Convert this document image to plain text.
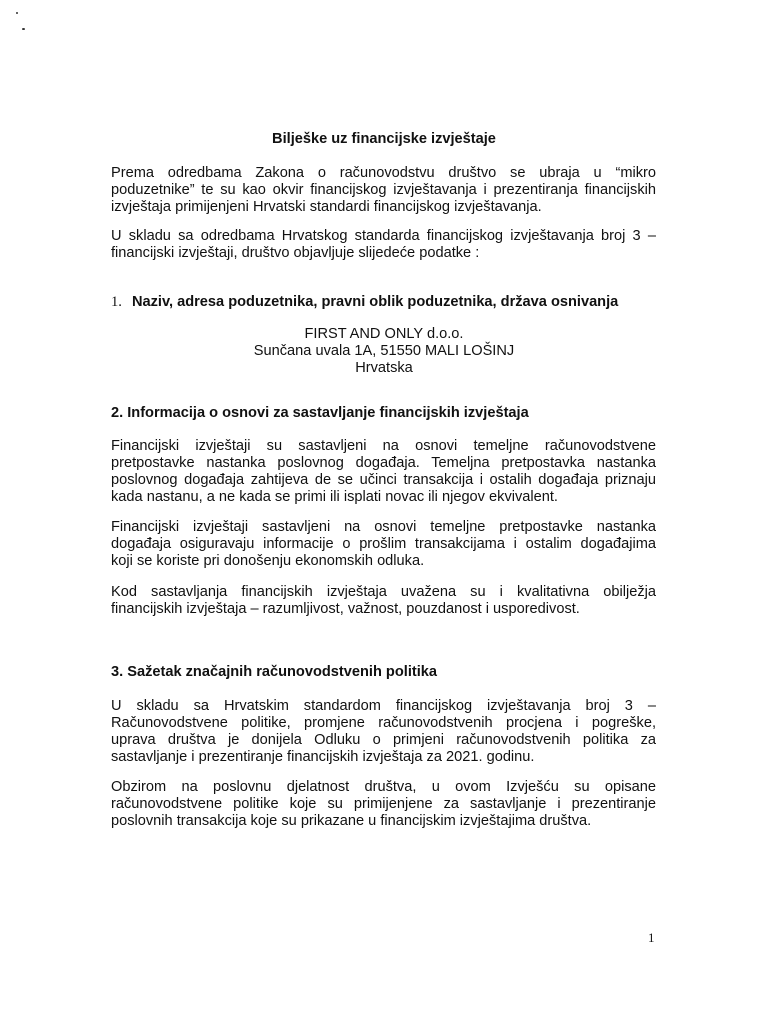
Bilješke uz financijske izvještaje
Prema odredbama Zakona o računovodstvu društvo se ubraja u “mikro
poduzetnike” te su kao okvir financijskog izvještavanja i prezentiranja financijskih
izvještaja primijenjeni Hrvatski standardi financijskog izvještavanja.
U skladu sa odredbama Hrvatskog standarda financijskog izvještavanja broj 3 –
financijski izvještaji, društvo objavljuje slijedeće podatke :
1. Naziv, adresa poduzetnika, pravni oblik poduzetnika, država osnivanja
FIRST AND ONLY d.o.o.
Sunčana uvala 1A, 51550 MALI LOŠINJ
Hrvatska
2. Informacija o osnovi za sastavljanje financijskih izvještaja
Financijski izvještaji su sastavljeni na osnovi temeljne računovodstvene
pretpostavke nastanka poslovnog događaja. Temeljna pretpostavka nastanka
poslovnog događaja zahtijeva de se učinci transakcija i ostalih događaja priznaju
kada nastanu, a ne kada se primi ili isplati novac ili njegov ekvivalent.
Financijski izvještaji sastavljeni na osnovi temeljne pretpostavke nastanka
događaja osiguravaju informacije o prošlim transakcijama i ostalim događajima
koji se koriste pri donošenju ekonomskih odluka.
Kod sastavljanja financijskih izvještaja uvažena su i kvalitativna obilježja
financijskih izvještaja – razumljivost, važnost, pouzdanost i usporedivost.
3. Sažetak značajnih računovodstvenih politika
U skladu sa Hrvatskim standardom financijskog izvještavanja broj 3 –
Računovodstvene politike, promjene računovodstvenih procjena i pogreške,
uprava društva je donijela Odluku o primjeni računovodstvenih politika za
sastavljanje i prezentiranje financijskih izvještaja za 2021. godinu.
Obzirom na poslovnu djelatnost društva, u ovom Izvješću su opisane
računovodstvene politike koje su primijenjene za sastavljanje i prezentiranje
poslovnih transakcija koje su prikazane u financijskim izvještajima društva.
1
